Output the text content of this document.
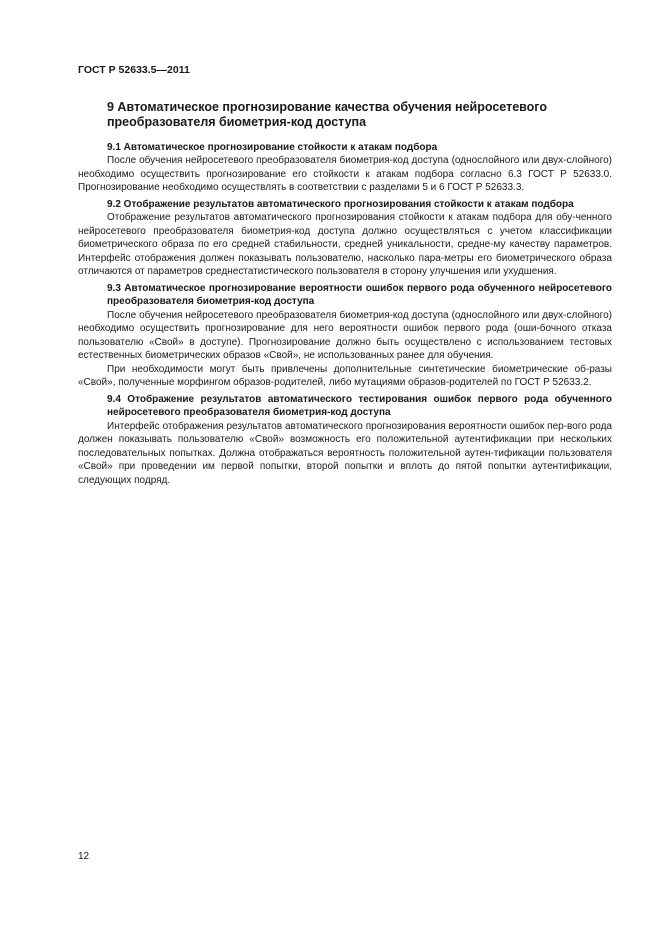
ГОСТ Р 52633.5—2011
9 Автоматическое прогнозирование качества обучения нейросетевого преобразователя биометрия-код доступа
9.1 Автоматическое прогнозирование стойкости к атакам подбора

После обучения нейросетевого преобразователя биометрия-код доступа (однослойного или двух-слойного) необходимо осуществить прогнозирование его стойкости к атакам подбора согласно 6.3 ГОСТ Р 52633.0. Прогнозирование необходимо осуществлять в соответствии с разделами 5 и 6 ГОСТ Р 52633.3.

9.2 Отображение результатов автоматического прогнозирования стойкости к атакам подбора

Отображение результатов автоматического прогнозирования стойкости к атакам подбора для обу-ченного нейросетевого преобразователя биометрия-код доступа должно осуществляться с учетом классификации биометрического образа по его средней стабильности, средней уникальности, средне-му качеству параметров. Интерфейс отображения должен показывать пользователю, насколько пара-метры его биометрического образа отличаются от параметров среднестатистического пользователя в сторону улучшения или ухудшения.

9.3 Автоматическое прогнозирование вероятности ошибок первого рода обученного нейросетевого преобразователя биометрия-код доступа

После обучения нейросетевого преобразователя биометрия-код доступа (однослойного или двух-слойного) необходимо осуществить прогнозирование для него вероятности ошибок первого рода (оши-бочного отказа пользователю «Свой» в доступе). Прогнозирование должно быть осуществлено с использованием тестовых естественных биометрических образов «Свой», не использованных ранее для обучения.

При необходимости могут быть привлечены дополнительные синтетические биометрические об-разы «Свой», полученные морфингом образов-родителей, либо мутациями образов-родителей по ГОСТ Р 52633.2.

9.4 Отображение результатов автоматического тестирования ошибок первого рода обученного нейросетевого преобразователя биометрия-код доступа

Интерфейс отображения результатов автоматического прогнозирования вероятности ошибок пер-вого рода должен показывать пользователю «Свой» возможность его положительной аутентификации при нескольких последовательных попытках. Должна отображаться вероятность положительной аутен-тификации пользователя «Свой» при проведении им первой попытки, второй попытки и вплоть до пятой попытки аутентификации, следующих подряд.

12
